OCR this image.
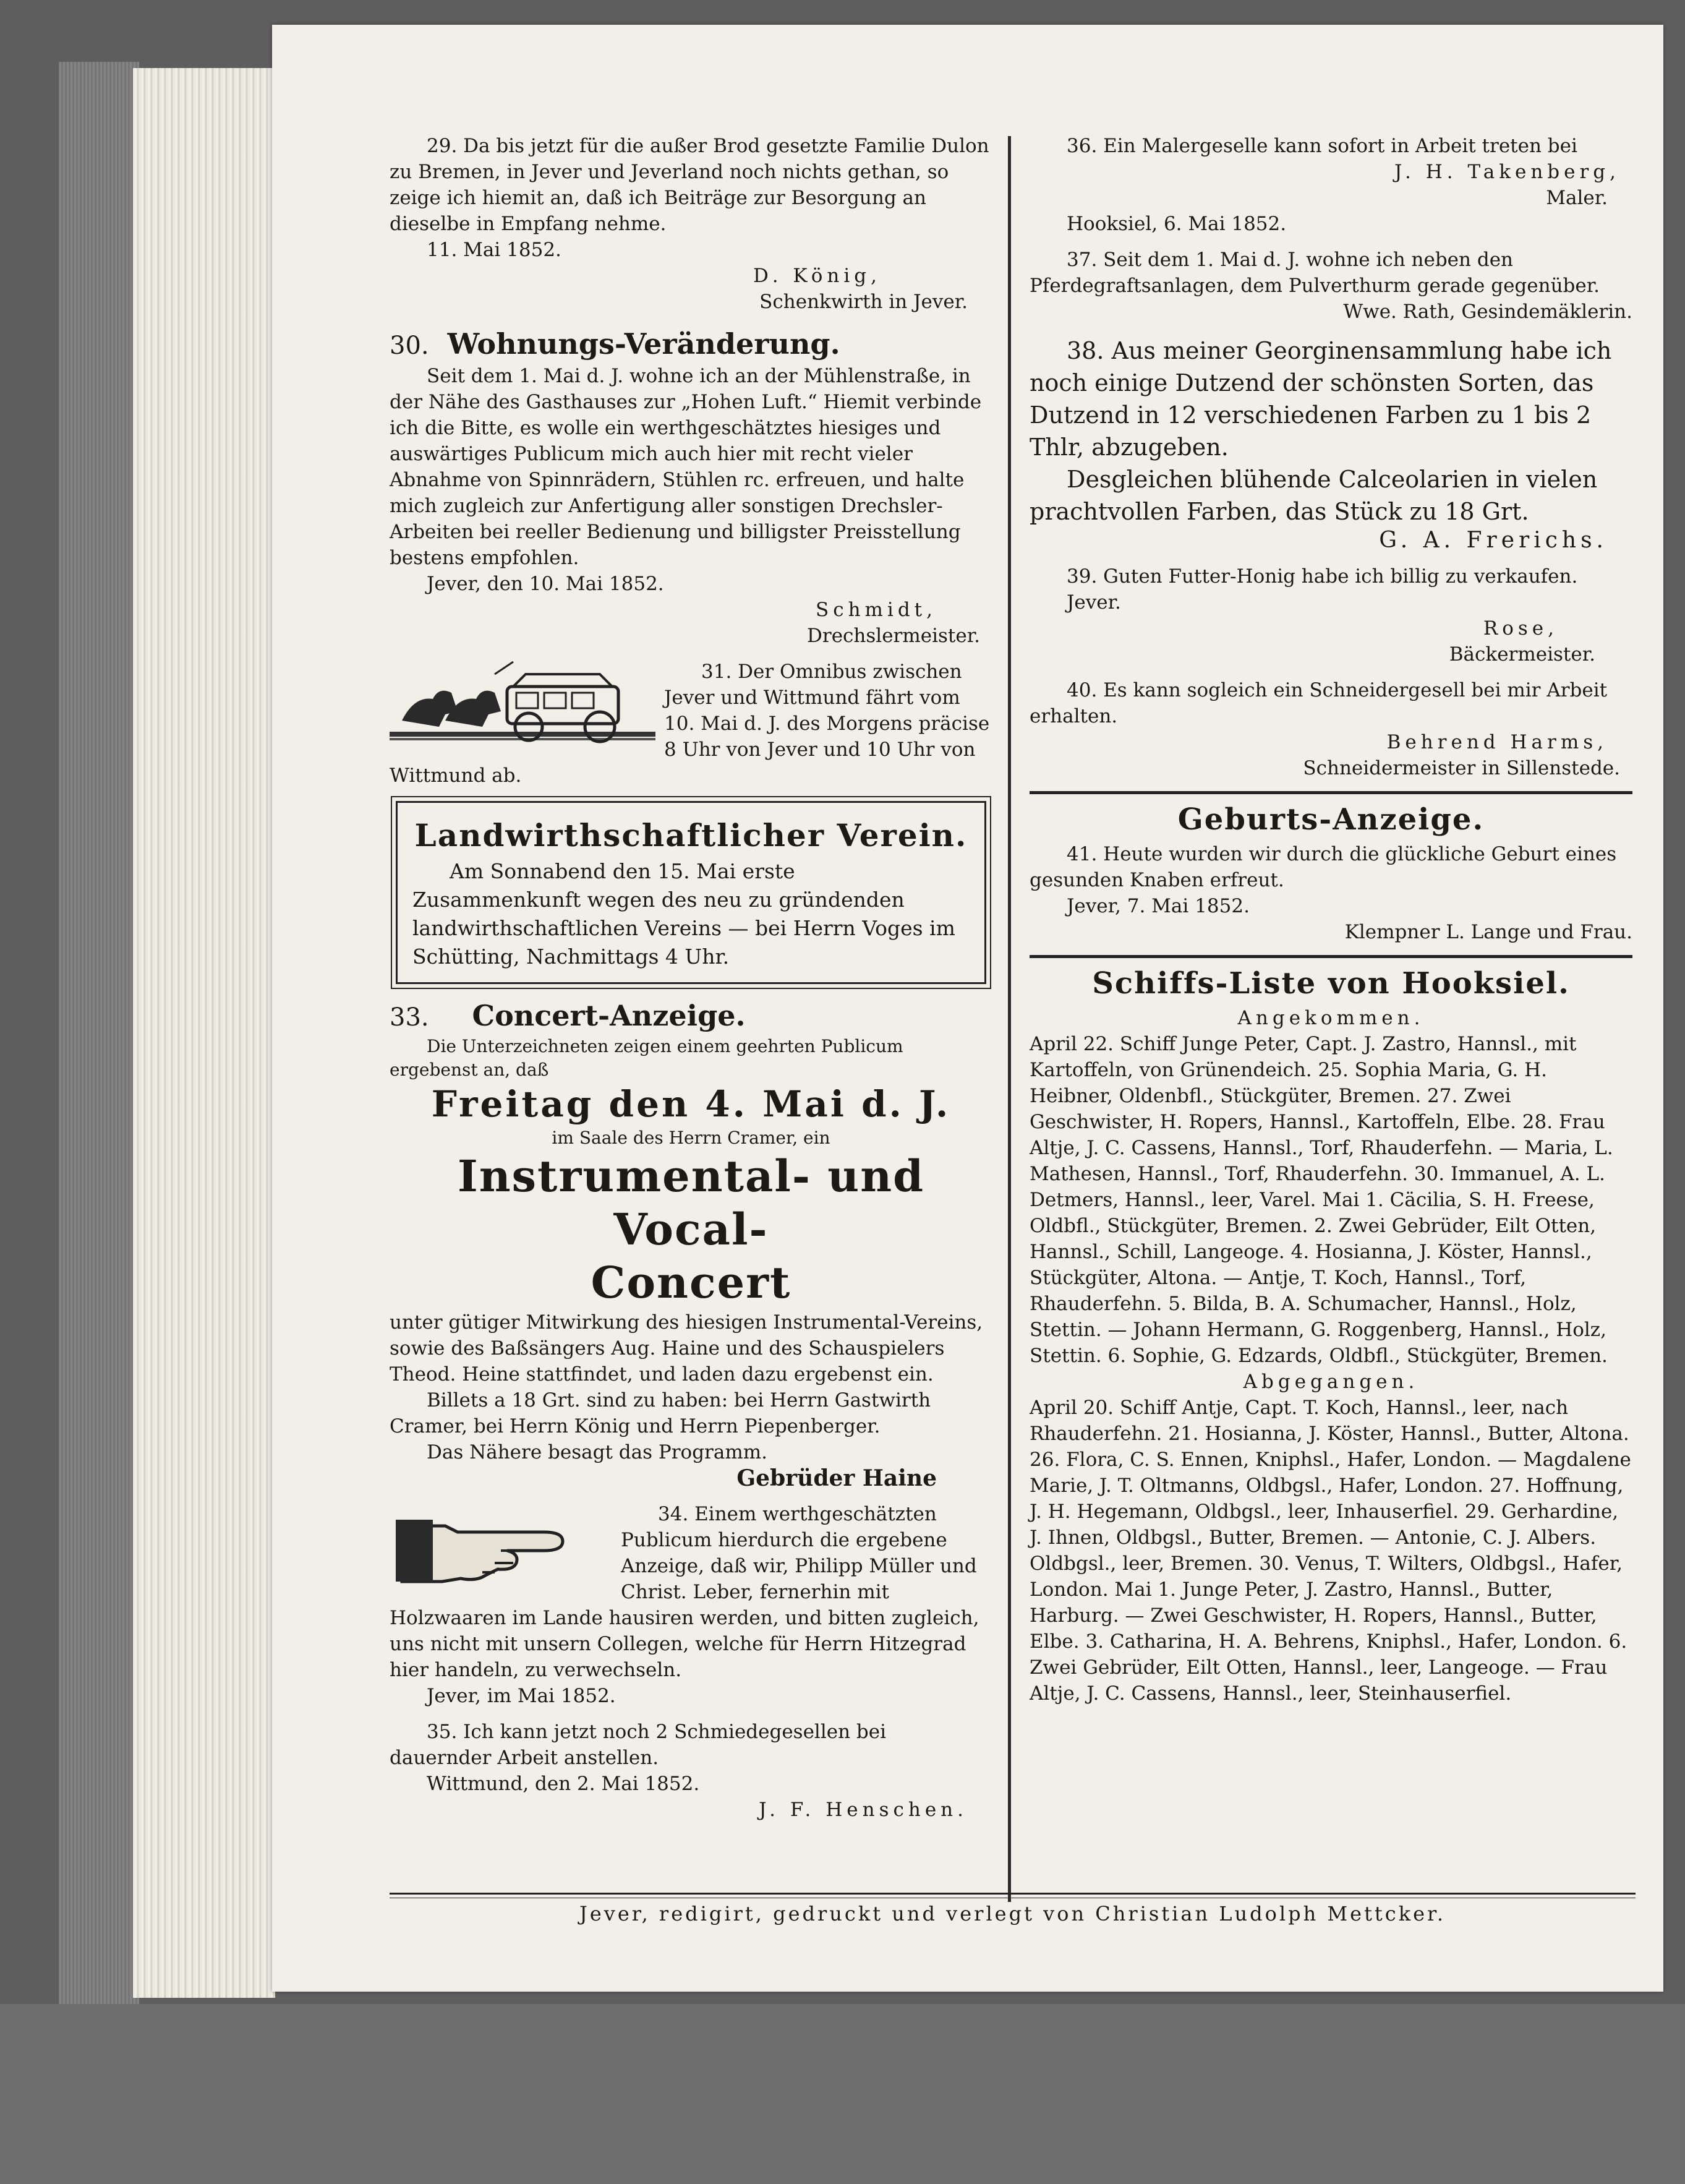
29. Da bis jetzt für die außer Brod gesetzte Familie Dulon zu Bremen, in Jever und Jeverland noch nichts gethan, so zeige ich hiemit an, daß ich Beiträge zur Besorgung an dieselbe in Empfang nehme.
11. Mai 1852.
D. König,
Schenkwirth in Jever.
30. Wohnungs-Veränderung.
Seit dem 1. Mai d. J. wohne ich an der Mühlenstraße, in der Nähe des Gasthauses zur „Hohen Luft.“ Hiemit verbinde ich die Bitte, es wolle ein werthgeschätztes hiesiges und auswärtiges Publicum mich auch hier mit recht vieler Abnahme von Spinnrädern, Stühlen rc. erfreuen, und halte mich zugleich zur Anfertigung aller sonstigen Drechsler-Arbeiten bei reeller Bedienung und billigster Preisstellung bestens empfohlen.
Jever, den 10. Mai 1852.
Schmidt,
Drechslermeister.
31. Der Omnibus zwischen Jever und Wittmund fährt vom 10. Mai d. J. des Morgens präcise 8 Uhr von Jever und 10 Uhr von Wittmund ab.
Landwirthschaftlicher Verein.
Am Sonnabend den 15. Mai erste Zusammenkunft wegen des neu zu gründenden landwirthschaftlichen Vereins — bei Herrn Voges im Schütting, Nachmittags 4 Uhr.
33. Concert-Anzeige.
Die Unterzeichneten zeigen einem geehrten Publicum ergebenst an, daß
Freitag den 4. Mai d. J.
im Saale des Herrn Cramer, ein
Instrumental- und Vocal-
Concert
unter gütiger Mitwirkung des hiesigen Instrumental-Vereins, sowie des Baßsängers Aug. Haine und des Schauspielers Theod. Heine stattfindet, und laden dazu ergebenst ein.
Billets a 18 Grt. sind zu haben: bei Herrn Gastwirth Cramer, bei Herrn König und Herrn Piepenberger.
Das Nähere besagt das Programm.
Gebrüder Haine
34. Einem werthgeschätzten Publicum hierdurch die ergebene Anzeige, daß wir, Philipp Müller und Christ. Leber, fernerhin mit Holzwaaren im Lande hausiren werden, und bitten zugleich, uns nicht mit unsern Collegen, welche für Herrn Hitzegrad hier handeln, zu verwechseln.
Jever, im Mai 1852.
35. Ich kann jetzt noch 2 Schmiedegesellen bei dauernder Arbeit anstellen.
Wittmund, den 2. Mai 1852.
J. F. Henschen.
36. Ein Malergeselle kann sofort in Arbeit treten bei
J. H. Takenberg,
Maler.
Hooksiel, 6. Mai 1852.
37. Seit dem 1. Mai d. J. wohne ich neben den Pferdegraftsanlagen, dem Pulverthurm gerade gegenüber.
Wwe. Rath, Gesindemäklerin.
38. Aus meiner Georginensammlung habe ich noch einige Dutzend der schönsten Sorten, das Dutzend in 12 verschiedenen Farben zu 1 bis 2 Thlr, abzugeben.
Desgleichen blühende Calceolarien in vielen prachtvollen Farben, das Stück zu 18 Grt.
G. A. Frerichs.
39. Guten Futter-Honig habe ich billig zu verkaufen.
Jever.
Rose,
Bäckermeister.
40. Es kann sogleich ein Schneidergesell bei mir Arbeit erhalten.
Behrend Harms,
Schneidermeister in Sillenstede.
Geburts-Anzeige.
41. Heute wurden wir durch die glückliche Geburt eines gesunden Knaben erfreut.
Jever, 7. Mai 1852.
Klempner L. Lange und Frau.
Schiffs-Liste von Hooksiel.
Angekommen.
April 22. Schiff Junge Peter, Capt. J. Zastro, Hannsl., mit Kartoffeln, von Grünendeich. 25. Sophia Maria, G. H. Heibner, Oldenbfl., Stückgüter, Bremen. 27. Zwei Geschwister, H. Ropers, Hannsl., Kartoffeln, Elbe. 28. Frau Altje, J. C. Cassens, Hannsl., Torf, Rhauderfehn. — Maria, L. Mathesen, Hannsl., Torf, Rhauderfehn. 30. Immanuel, A. L. Detmers, Hannsl., leer, Varel. Mai 1. Cäcilia, S. H. Freese, Oldbfl., Stückgüter, Bremen. 2. Zwei Gebrüder, Eilt Otten, Hannsl., Schill, Langeoge. 4. Hosianna, J. Köster, Hannsl., Stückgüter, Altona. — Antje, T. Koch, Hannsl., Torf, Rhauderfehn. 5. Bilda, B. A. Schumacher, Hannsl., Holz, Stettin. — Johann Hermann, G. Roggenberg, Hannsl., Holz, Stettin. 6. Sophie, G. Edzards, Oldbfl., Stückgüter, Bremen.
Abgegangen.
April 20. Schiff Antje, Capt. T. Koch, Hannsl., leer, nach Rhauderfehn. 21. Hosianna, J. Köster, Hannsl., Butter, Altona. 26. Flora, C. S. Ennen, Kniphsl., Hafer, London. — Magdalene Marie, J. T. Oltmanns, Oldbgsl., Hafer, London. 27. Hoffnung, J. H. Hegemann, Oldbgsl., leer, Inhauserfiel. 29. Gerhardine, J. Ihnen, Oldbgsl., Butter, Bremen. — Antonie, C. J. Albers. Oldbgsl., leer, Bremen. 30. Venus, T. Wilters, Oldbgsl., Hafer, London. Mai 1. Junge Peter, J. Zastro, Hannsl., Butter, Harburg. — Zwei Geschwister, H. Ropers, Hannsl., Butter, Elbe. 3. Catharina, H. A. Behrens, Kniphsl., Hafer, London. 6. Zwei Gebrüder, Eilt Otten, Hannsl., leer, Langeoge. — Frau Altje, J. C. Cassens, Hannsl., leer, Steinhauserfiel.
Jever, redigirt, gedruckt und verlegt von Christian Ludolph Mettcker.
